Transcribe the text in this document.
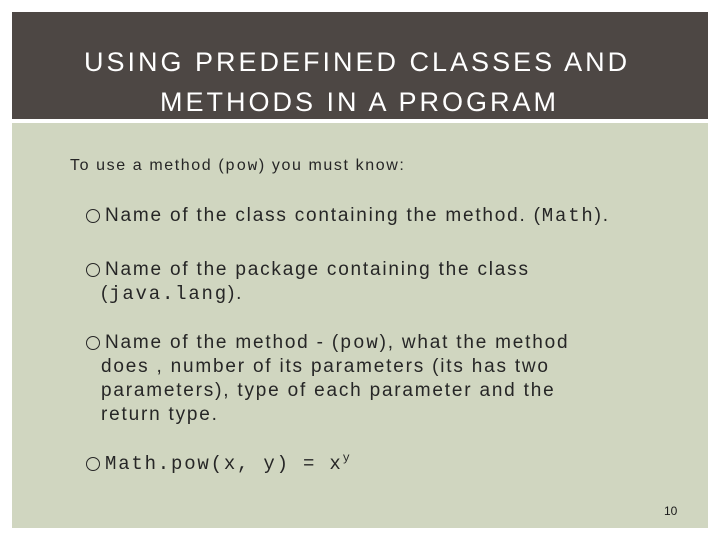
USING PREDEFINED CLASSES AND
METHODS IN A PROGRAM
To use a method (pow) you must know:
Name of the class containing the method. (Math).
Name of the package containing the class
(java.lang).
Name of the method - (pow), what the method
does , number of its parameters (its has two
parameters), type of each parameter and the
return type.
Math.pow(x, $y) = x^y$
10
